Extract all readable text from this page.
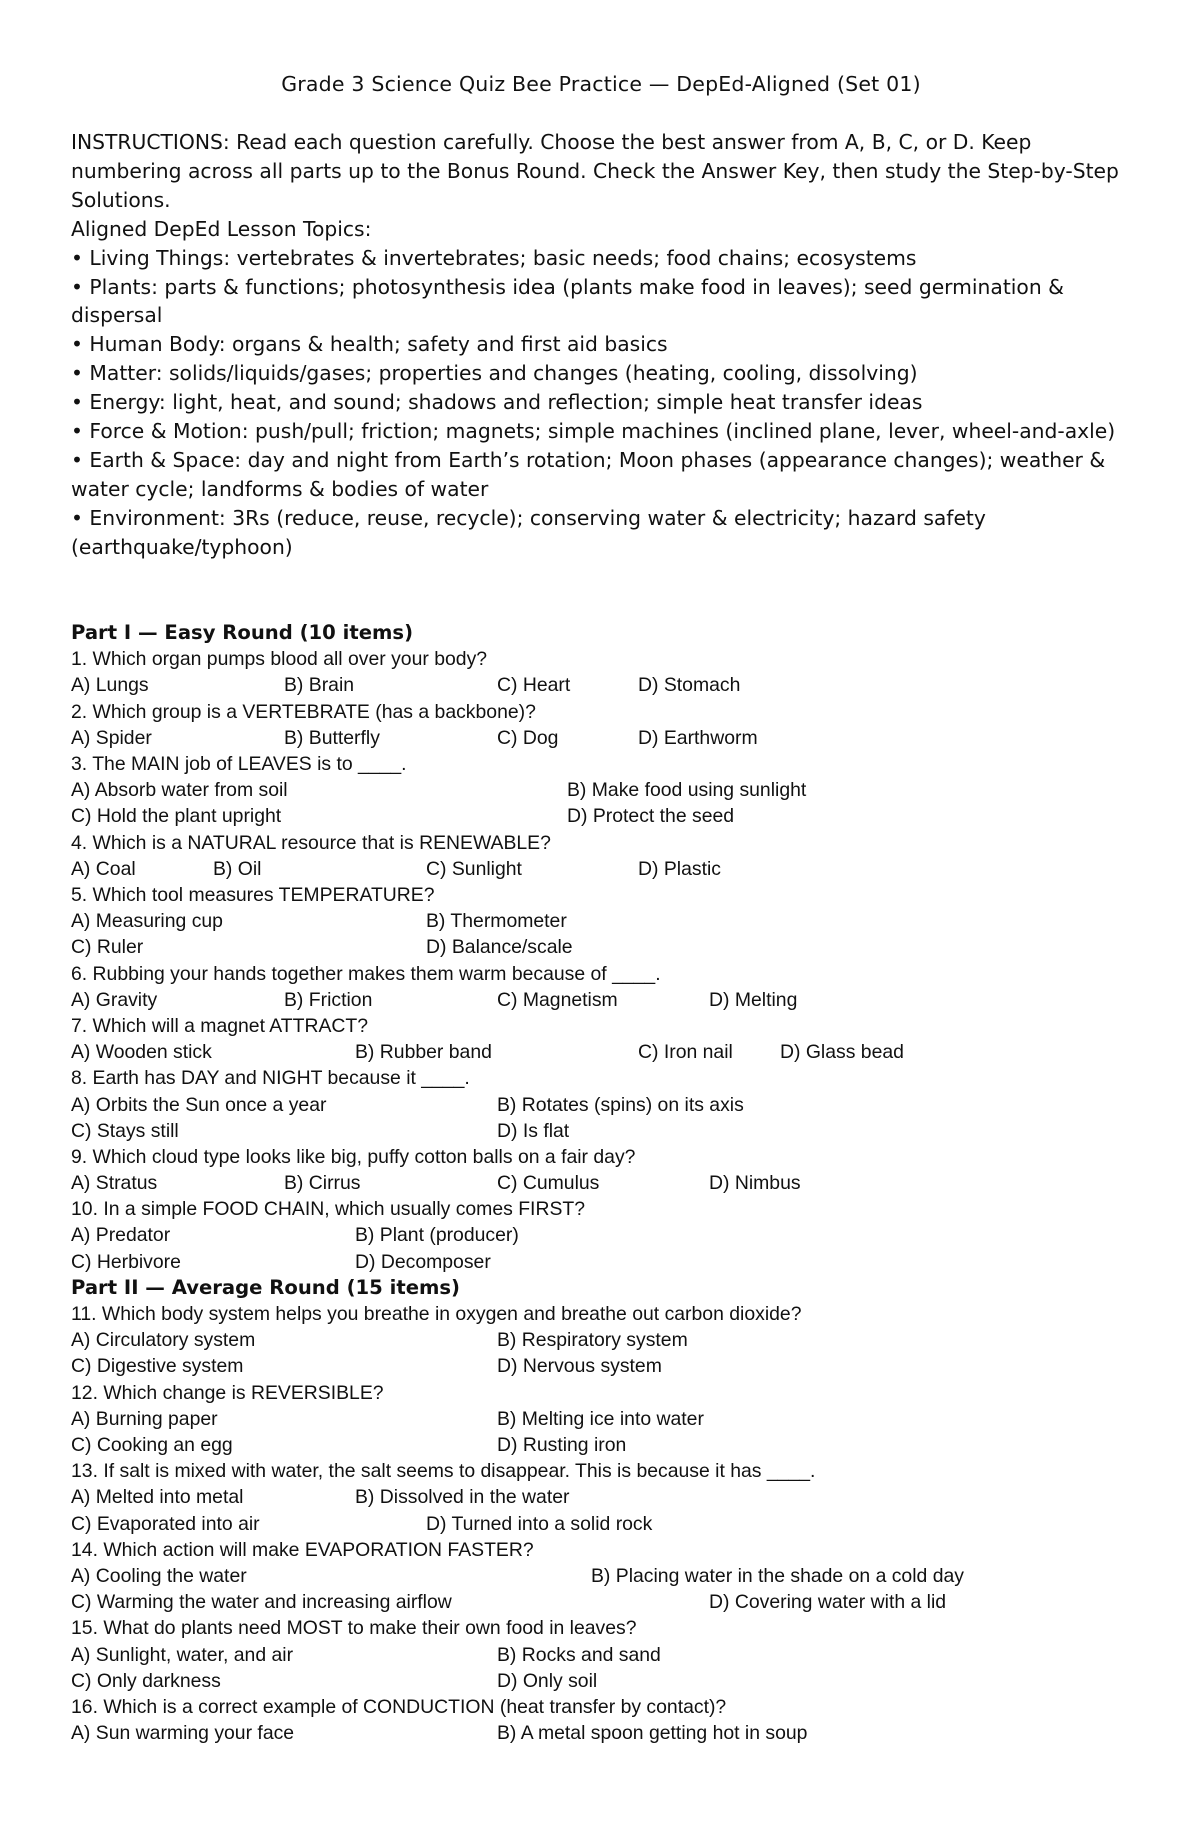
Grade 3 Science Quiz Bee Practice — DepEd-Aligned (Set 01)

INSTRUCTIONS: Read each question carefully. Choose the best answer from A, B, C, or D. Keep numbering across all parts up to the Bonus Round. Check the Answer Key, then study the Step-by-Step Solutions.

Aligned DepEd Lesson Topics:

• Living Things: vertebrates & invertebrates; basic needs; food chains; ecosystems

• Plants: parts & functions; photosynthesis idea (plants make food in leaves); seed germination & dispersal

• Human Body: organs & health; safety and first aid basics

• Matter: solids/liquids/gases; properties and changes (heating, cooling, dissolving)

• Energy: light, heat, and sound; shadows and reflection; simple heat transfer ideas

• Force & Motion: push/pull; friction; magnets; simple machines (inclined plane, lever, wheel-and-axle)

• Earth & Space: day and night from Earth’s rotation; Moon phases (appearance changes); weather & water cycle; landforms & bodies of water

• Environment: 3Rs (reduce, reuse, recycle); conserving water & electricity; hazard safety (earthquake/typhoon)

Part I — Easy Round (10 items)
1. Which organ pumps blood all over your body?
A) Lungs	B) Brain	C) Heart	D) Stomach
2. Which group is a VERTEBRATE (has a backbone)?
A) Spider	B) Butterfly	C) Dog	D) Earthworm
3. The MAIN job of LEAVES is to ____.
A) Absorb water from soil	B) Make food using sunlight
C) Hold the plant upright	D) Protect the seed
4. Which is a NATURAL resource that is RENEWABLE?
A) Coal	B) Oil	C) Sunlight	D) Plastic
5. Which tool measures TEMPERATURE?
A) Measuring cup	B) Thermometer
C) Ruler	D) Balance/scale
6. Rubbing your hands together makes them warm because of ____.
A) Gravity	B) Friction	C) Magnetism	D) Melting
7. Which will a magnet ATTRACT?
A) Wooden stick	B) Rubber band	C) Iron nail D) Glass bead
8. Earth has DAY and NIGHT because it ____.
A) Orbits the Sun once a year	B) Rotates (spins) on its axis
C) Stays still	D) Is flat
9. Which cloud type looks like big, puffy cotton balls on a fair day?
A) Stratus	B) Cirrus	C) Cumulus	D) Nimbus
10. In a simple FOOD CHAIN, which usually comes FIRST?
A) Predator	B) Plant (producer)
C) Herbivore	D) Decomposer
Part II — Average Round (15 items)
11. Which body system helps you breathe in oxygen and breathe out carbon dioxide?
A) Circulatory system	B) Respiratory system
C) Digestive system	D) Nervous system
12. Which change is REVERSIBLE?
A) Burning paper	B) Melting ice into water
C) Cooking an egg	D) Rusting iron
13. If salt is mixed with water, the salt seems to disappear. This is because it has ____.
A) Melted into metal	B) Dissolved in the water
C) Evaporated into air	D) Turned into a solid rock
14. Which action will make EVAPORATION FASTER?
A) Cooling the water	B) Placing water in the shade on a cold day
C) Warming the water and increasing airflow	D) Covering water with a lid
15. What do plants need MOST to make their own food in leaves?
A) Sunlight, water, and air	B) Rocks and sand
C) Only darkness	D) Only soil
16. Which is a correct example of CONDUCTION (heat transfer by contact)?
A) Sun warming your face	B) A metal spoon getting hot in soup
